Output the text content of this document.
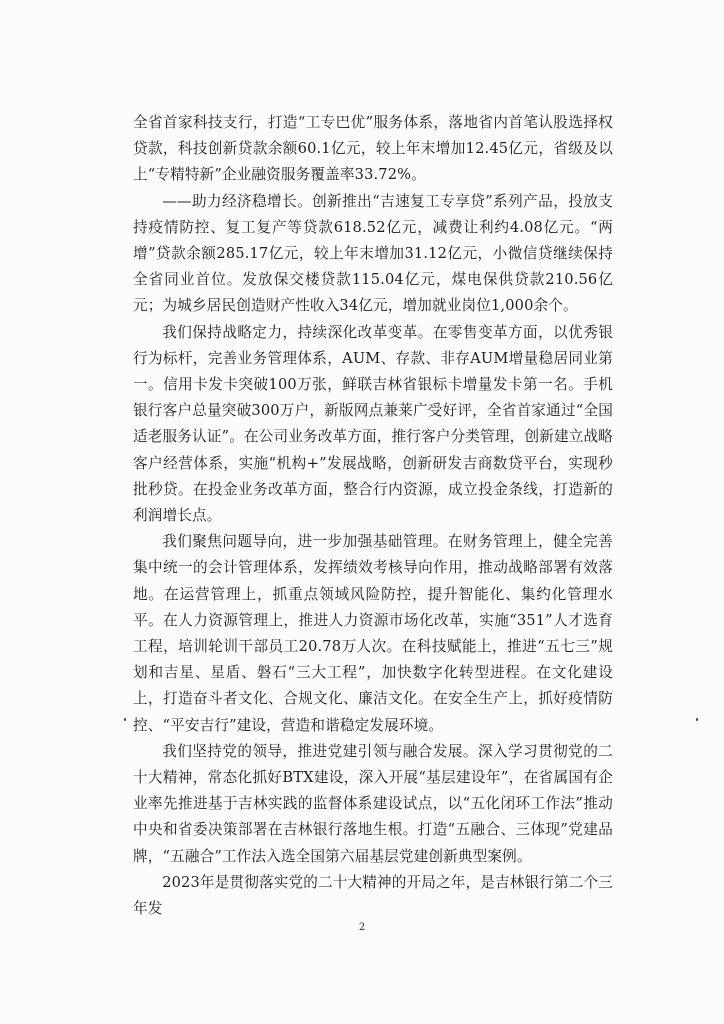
全省首家科技支行，打造“工专巴优”服务体系，落地省内首笔认股选择权贷款，科技创新贷款余额60.1亿元，较上年末增加12.45亿元，省级及以上“专精特新”企业融资服务覆盖率33.72%。

——助力经济稳增长。创新推出“吉速复工专享贷”系列产品，投放支持疫情防控、复工复产等贷款618.52亿元，减费让利约4.08亿元。“两增”贷款余额285.17亿元，较上年末增加31.12亿元，小微信贷继续保持全省同业首位。发放保交楼贷款115.04亿元，煤电保供贷款210.56亿元；为城乡居民创造财产性收入34亿元，增加就业岗位1,000余个。

我们保持战略定力，持续深化改革变革。在零售变革方面，以优秀银行为标杆，完善业务管理体系，AUM、存款、非存AUM增量稳居同业第一。信用卡发卡突破100万张，鲜联吉林省银标卡增量发卡第一名。手机银行客户总量突破300万户，新版网点兼莱广受好评，全省首家通过“全国适老服务认证”。在公司业务改革方面，推行客户分类管理，创新建立战略客户经营体系，实施“机构+”发展战略，创新研发吉商数贷平台，实现秒批秒贷。在投金业务改革方面，整合行内资源，成立投金条线，打造新的利润增长点。

我们聚焦问题导向，进一步加强基础管理。在财务管理上，健全完善集中统一的会计管理体系，发挥绩效考核导向作用，推动战略部署有效落地。在运营管理上，抓重点领域风险防控，提升智能化、集约化管理水平。在人力资源管理上，推进人力资源市场化改革，实施“351”人才选育工程，培训轮训干部员工20.78万人次。在科技赋能上，推进“五七三”规划和吉星、星盾、磐石“三大工程”，加快数字化转型进程。在文化建设上，打造奋斗者文化、合规文化、廉洁文化。在安全生产上，抓好疫情防控、“平安吉行”建设，营造和谐稳定发展环境。

我们坚持党的领导，推进党建引领与融合发展。深入学习贯彻党的二十大精神，常态化抓好BTX建设，深入开展“基层建设年”，在省属国有企业率先推进基于吉林实践的监督体系建设试点，以“五化闭环工作法”推动中央和省委决策部署在吉林银行落地生根。打造“五融合、三体现”党建品牌，“五融合”工作法入选全国第六届基层党建创新典型案例。

2023年是贯彻落实党的二十大精神的开局之年，是吉林银行第二个三年发

2
